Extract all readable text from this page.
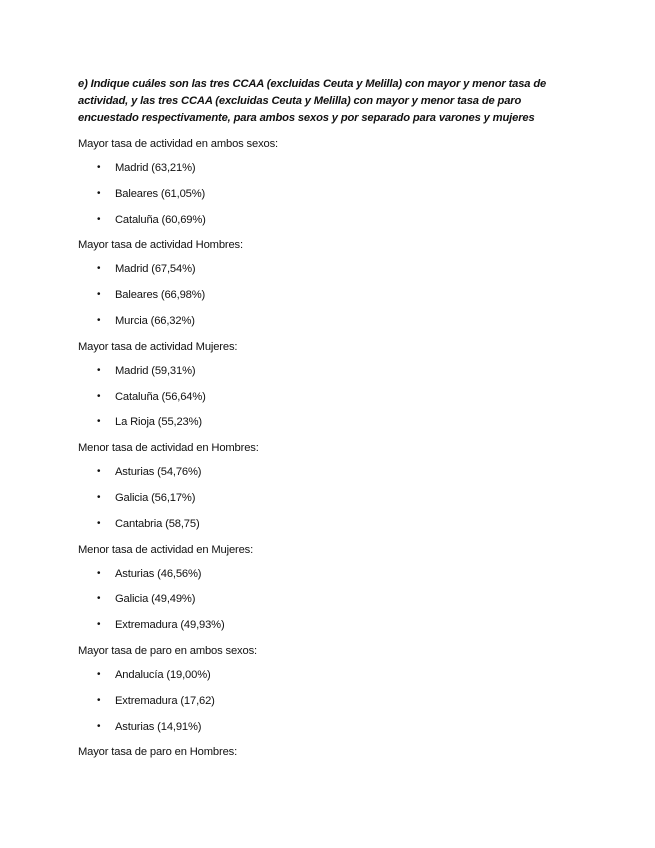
e) Indique cuáles son las tres CCAA (excluidas Ceuta y Melilla) con mayor y menor tasa de actividad, y las tres CCAA (excluidas Ceuta y Melilla) con mayor y menor tasa de paro encuestado respectivamente, para ambos sexos y por separado para varones y mujeres

Mayor tasa de actividad en ambos sexos:

• Madrid (63,21%)
• Baleares (61,05%)
• Cataluña (60,69%)

Mayor tasa de actividad Hombres:

• Madrid (67,54%)
• Baleares (66,98%)
• Murcia (66,32%)

Mayor tasa de actividad Mujeres:

• Madrid (59,31%)
• Cataluña (56,64%)
• La Rioja (55,23%)

Menor tasa de actividad en Hombres:

• Asturias (54,76%)
• Galicia (56,17%)
• Cantabria (58,75)

Menor tasa de actividad en Mujeres:

• Asturias (46,56%)
• Galicia (49,49%)
• Extremadura (49,93%)

Mayor tasa de paro en ambos sexos:

• Andalucía (19,00%)
• Extremadura (17,62)
• Asturias (14,91%)

Mayor tasa de paro en Hombres:
